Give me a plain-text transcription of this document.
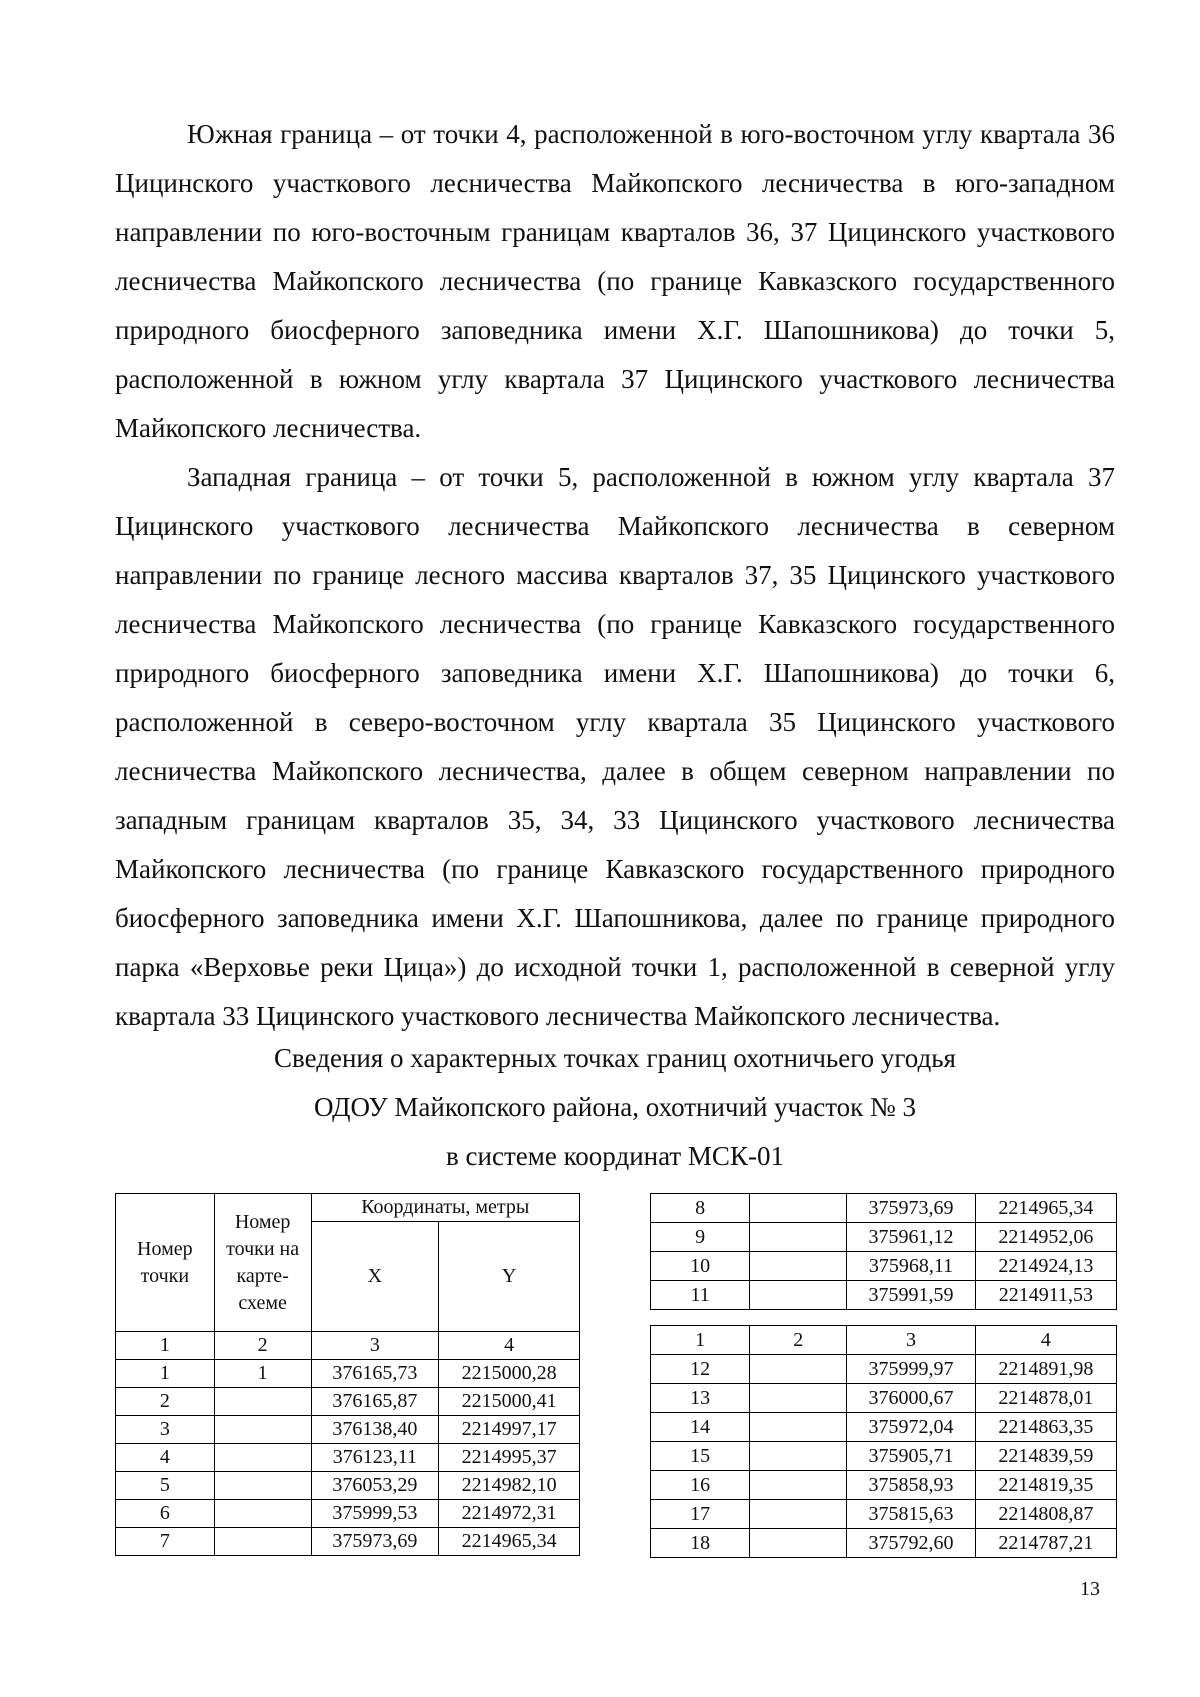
Южная граница – от точки 4, расположенной в юго-восточном углу квартала 36 Цицинского участкового лесничества Майкопского лесничества в юго-западном направлении по юго-восточным границам кварталов 36, 37 Цицинского участкового лесничества Майкопского лесничества (по границе Кавказского государственного природного биосферного заповедника имени Х.Г. Шапошникова) до точки 5, расположенной в южном углу квартала 37 Цицинского участкового лесничества Майкопского лесничества.

Западная граница – от точки 5, расположенной в южном углу квартала 37 Цицинского участкового лесничества Майкопского лесничества в северном направлении по границе лесного массива кварталов 37, 35 Цицинского участкового лесничества Майкопского лесничества (по границе Кавказского государственного природного биосферного заповедника имени Х.Г. Шапошникова) до точки 6, расположенной в северо-восточном углу квартала 35 Цицинского участкового лесничества Майкопского лесничества, далее в общем северном направлении по западным границам кварталов 35, 34, 33 Цицинского участкового лесничества Майкопского лесничества (по границе Кавказского государственного природного биосферного заповедника имени Х.Г. Шапошникова, далее по границе природного парка «Верховье реки Цица») до исходной точки 1, расположенной в северной углу квартала 33 Цицинского участкового лесничества Майкопского лесничества.

Сведения о характерных точках границ охотничьего угодья

ОДОУ Майкопского района, охотничий участок № 3

в системе координат МСК-01

Номер точки	Номер точки на карте-схеме	Координаты, метры	
		X	Y
1	2	3	4
1	1	376165,73	2215000,28
2		376165,87	2215000,41
3		376138,40	2214997,17
4		376123,11	2214995,37
5		376053,29	2214982,10
6		375999,53	2214972,31
7		375973,69	2214965,34
8		375973,69	2214965,34
9		375961,12	2214952,06
10		375968,11	2214924,13
11		375991,59	2214911,53
1	2	3	4
12		375999,97	2214891,98
13		376000,67	2214878,01
14		375972,04	2214863,35
15		375905,71	2214839,59
16		375858,93	2214819,35
17		375815,63	2214808,87
18		375792,60	2214787,21
13
